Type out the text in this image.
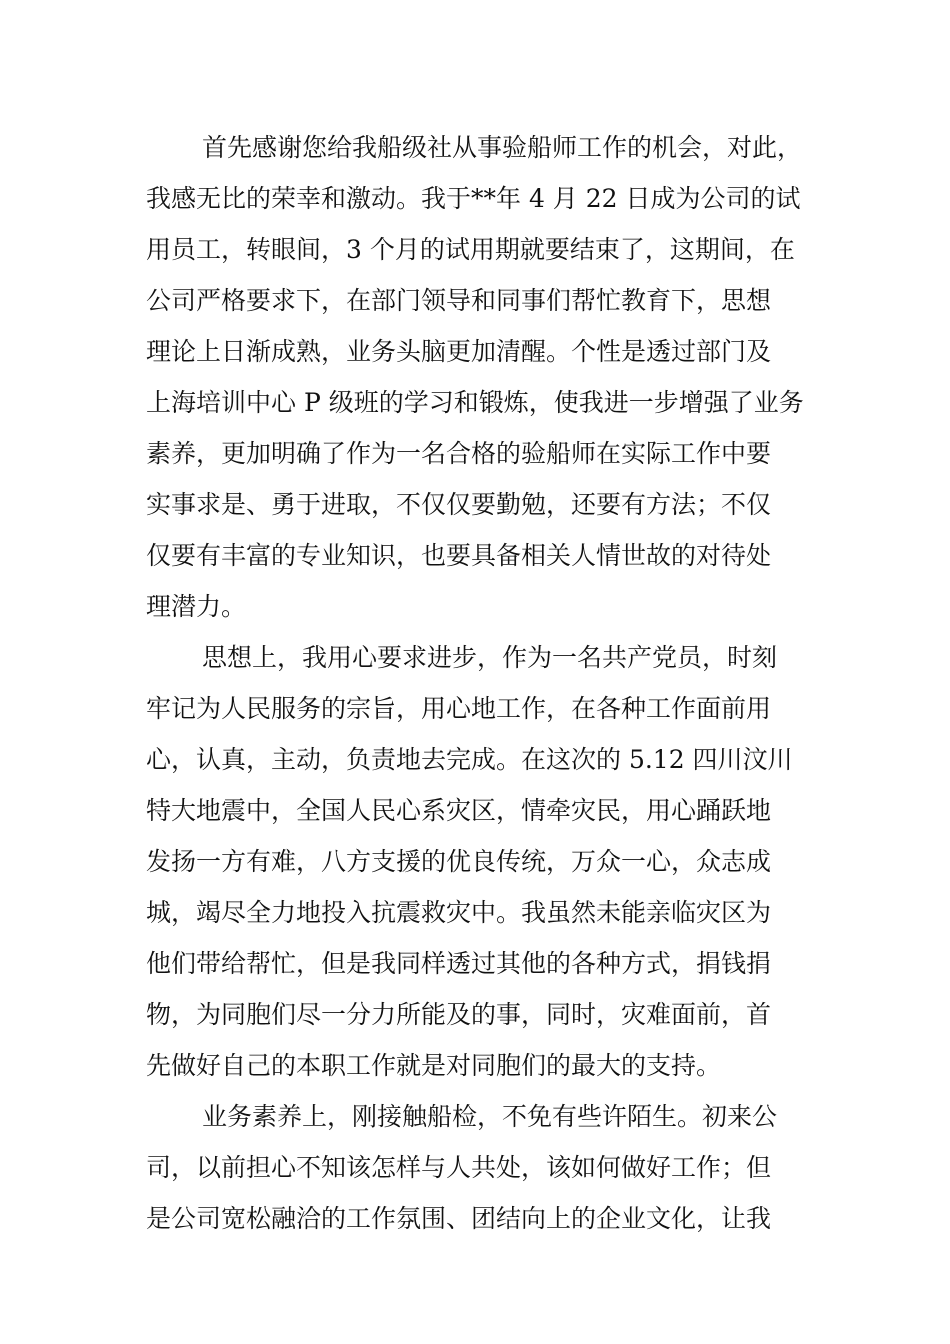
首先感谢您给我船级社从事验船师工作的机会，对此，
我感无比的荣幸和激动。我于**年 4 月 22 日成为公司的试
用员工，转眼间，3 个月的试用期就要结束了，这期间，在
公司严格要求下，在部门领导和同事们帮忙教育下，思想
理论上日渐成熟，业务头脑更加清醒。个性是透过部门及
上海培训中心 P 级班的学习和锻炼，使我进一步增强了业务
素养，更加明确了作为一名合格的验船师在实际工作中要
实事求是、勇于进取，不仅仅要勤勉，还要有方法；不仅
仅要有丰富的专业知识，也要具备相关人情世故的对待处
理潜力。
思想上，我用心要求进步，作为一名共产党员，时刻
牢记为人民服务的宗旨，用心地工作，在各种工作面前用
心，认真，主动，负责地去完成。在这次的 5.12 四川汶川
特大地震中，全国人民心系灾区，情牵灾民，用心踊跃地
发扬一方有难，八方支援的优良传统，万众一心，众志成
城，竭尽全力地投入抗震救灾中。我虽然未能亲临灾区为
他们带给帮忙，但是我同样透过其他的各种方式，捐钱捐
物，为同胞们尽一分力所能及的事，同时，灾难面前，首
先做好自己的本职工作就是对同胞们的最大的支持。
业务素养上，刚接触船检，不免有些许陌生。初来公
司，以前担心不知该怎样与人共处，该如何做好工作；但
是公司宽松融洽的工作氛围、团结向上的企业文化，让我
